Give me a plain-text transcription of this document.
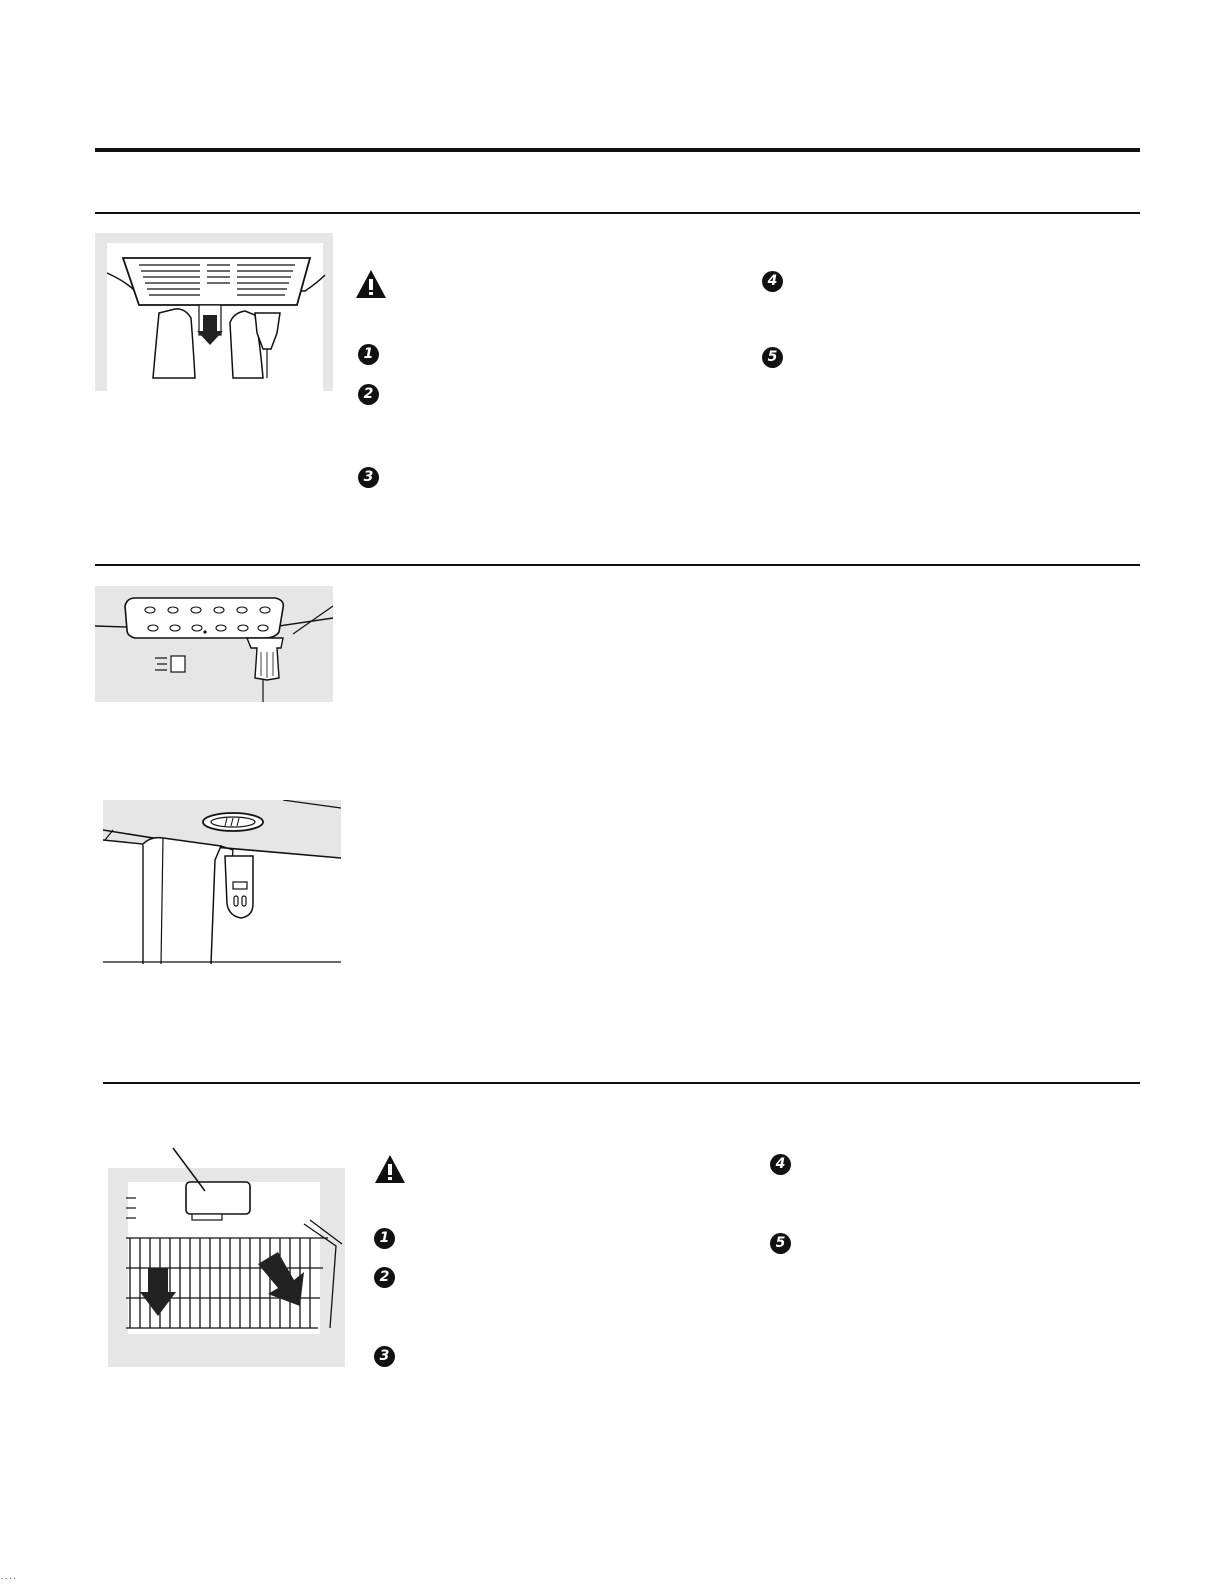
1
2
3
4
5
1
2
3
4
5
····
